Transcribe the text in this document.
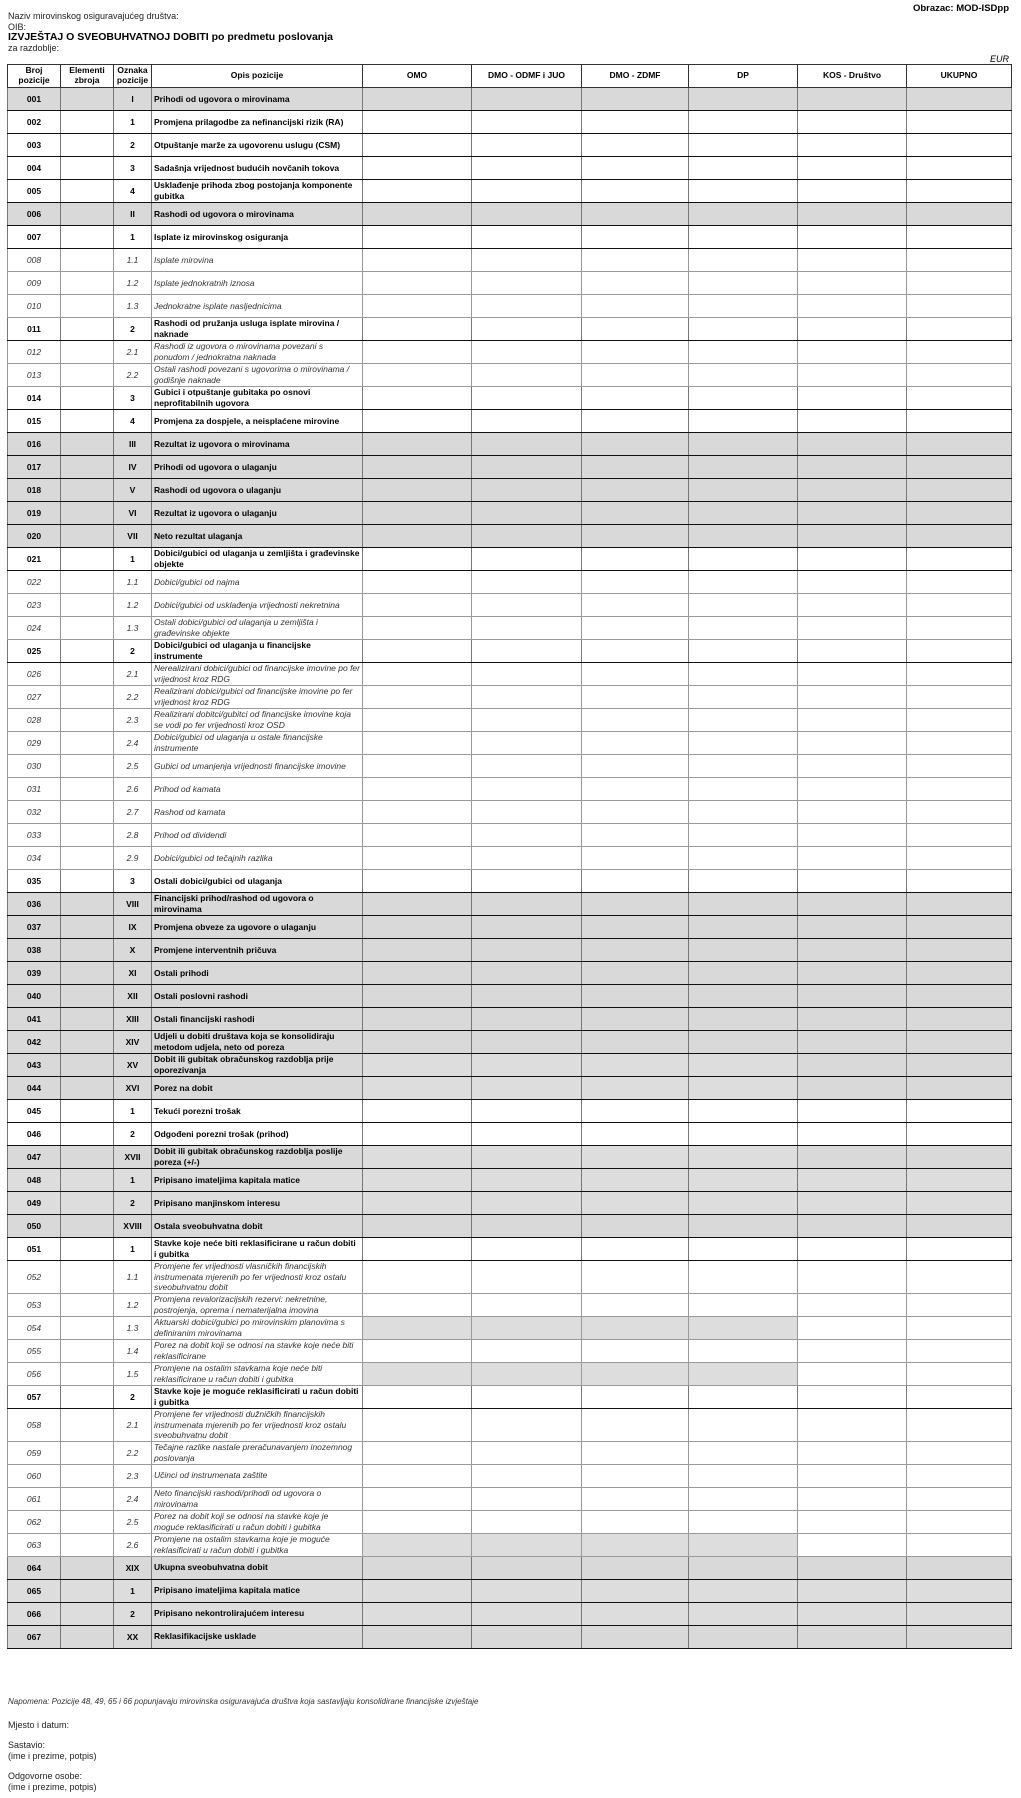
Obrazac: MOD-ISDpp
Naziv mirovinskog osiguravajućeg društva:
OIB:
IZVJEŠTAJ O SVEOBUHVATNOJ DOBITI po predmetu poslovanja
za razdoblje:
EUR
Broj pozicije	Elementi zbroja	Oznaka pozicije	Opis pozicije	OMO	DMO - ODMF i JUO	DMO - ZDMF	DP	KOS - Društvo	UKUPNO
001		I	Prihodi od ugovora o mirovinama						
002		1	Promjena prilagodbe za nefinancijski rizik (RA)						
003		2	Otpuštanje marže za ugovorenu uslugu (CSM)						
004		3	Sadašnja vrijednost budućih novčanih tokova						
005		4	Usklađenje prihoda zbog postojanja komponente gubitka						
006		II	Rashodi od ugovora o mirovinama						
007		1	Isplate iz mirovinskog osiguranja						
008		1.1	Isplate mirovina						
009		1.2	Isplate jednokratnih iznosa						
010		1.3	Jednokratne isplate nasljednicima						
011		2	Rashodi od pružanja usluga isplate mirovina / naknade						
012		2.1	Rashodi iz ugovora o mirovinama povezani s ponudom / jednokratna naknada						
013		2.2	Ostali rashodi povezani s ugovorima o mirovinama / godišnje naknade						
014		3	Gubici i otpuštanje gubitaka po osnovi neprofitabilnih ugovora						
015		4	Promjena za dospjele, a neisplaćene mirovine						
016		III	Rezultat iz ugovora o mirovinama						
017		IV	Prihodi od ugovora o ulaganju						
018		V	Rashodi od ugovora o ulaganju						
019		VI	Rezultat iz ugovora o ulaganju						
020		VII	Neto rezultat ulaganja						
021		1	Dobici/gubici od ulaganja u zemljišta i građevinske objekte						
022		1.1	Dobici/gubici od najma						
023		1.2	Dobici/gubici od usklađenja vrijednosti nekretnina						
024		1.3	Ostali dobici/gubici od ulaganja u zemljišta i građevinske objekte						
025		2	Dobici/gubici od ulaganja u financijske instrumente						
026		2.1	Nerealizirani dobici/gubici od financijske imovine po fer vrijednost kroz RDG						
027		2.2	Realizirani dobici/gubici od financijske imovine po fer vrijednost kroz RDG						
028		2.3	Realizirani dobitci/gubitci od financijske imovine koja se vodi po fer vrijednosti kroz OSD						
029		2.4	Dobici/gubici od ulaganja u ostale financijske instrumente						
030		2.5	Gubici od umanjenja vrijednosti financijske imovine						
031		2.6	Prihod od kamata						
032		2.7	Rashod od kamata						
033		2.8	Prihod od dividendi						
034		2.9	Dobici/gubici od tečajnih razlika						
035		3	Ostali dobici/gubici od ulaganja						
036		VIII	Financijski prihod/rashod od ugovora o mirovinama						
037		IX	Promjena obveze za ugovore o ulaganju						
038		X	Promjene interventnih pričuva						
039		XI	Ostali prihodi						
040		XII	Ostali poslovni rashodi						
041		XIII	Ostali financijski rashodi						
042		XIV	Udjeli u dobiti društava koja se konsolidiraju metodom udjela, neto od poreza						
043		XV	Dobit ili gubitak obračunskog razdoblja prije oporezivanja						
044		XVI	Porez na dobit						
045		1	Tekući porezni trošak						
046		2	Odgođeni porezni trošak (prihod)						
047		XVII	Dobit ili gubitak obračunskog razdoblja poslije poreza (+/-)						
048		1	Pripisano imateljima kapitala matice						
049		2	Pripisano manjinskom interesu						
050		XVIII	Ostala sveobuhvatna dobit						
051		1	Stavke koje neće biti reklasificirane u račun dobiti i gubitka						
052		1.1	Promjene fer vrijednosti vlasničkih financijskih instrumenata mjerenih po fer vrijednosti kroz ostalu sveobuhvatnu dobit						
053		1.2	Promjena revalorizacijskih rezervi: nekretnine, postrojenja, oprema i nematerijalna imovina						
054		1.3	Aktuarski dobici/gubici po mirovinskim planovima s definiranim mirovinama						
055		1.4	Porez na dobit koji se odnosi na stavke koje neće biti reklasificirane						
056		1.5	Promjene na ostalim stavkama koje neće biti reklasificirane u račun dobiti i gubitka						
057		2	Stavke koje je moguće reklasificirati u račun dobiti i gubitka						
058		2.1	Promjene fer vrijednosti dužničkih financijskih instrumenata mjerenih po fer vrijednosti kroz ostalu sveobuhvatnu dobit						
059		2.2	Tečajne razlike nastale preračunavanjem inozemnog poslovanja						
060		2.3	Učinci od instrumenata zaštite						
061		2.4	Neto financijski rashodi/prihodi od ugovora o mirovinama						
062		2.5	Porez na dobit koji se odnosi na stavke koje je moguće reklasificirati u račun dobiti i gubitka						
063		2.6	Promjene na ostalim stavkama koje je moguće reklasificirati u račun dobiti i gubitka						
064		XIX	Ukupna sveobuhvatna dobit						
065		1	Pripisano imateljima kapitala matice						
066		2	Pripisano nekontrolirajućem interesu						
067		XX	Reklasifikacijske usklade						
Napomena: Pozicije 48, 49, 65 i 66 popunjavaju mirovinska osiguravajuća društva koja sastavljaju konsolidirane financijske izvještaje
Mjesto i datum:
Sastavio:
(ime i prezime, potpis)
Odgovorne osobe:
(ime i prezime, potpis)
